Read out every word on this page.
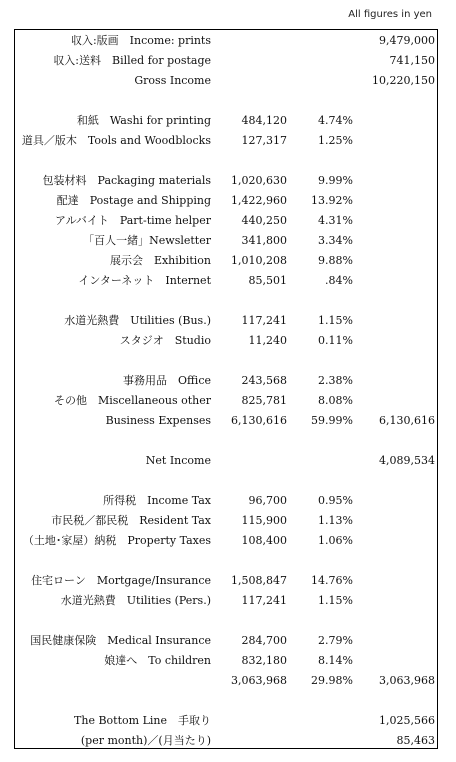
All figures in yen
収入:版画　Income: prints	9,479,000
収入:送料　Billed for postage	741,150
Gross Income	10,220,150
和紙　Washi for printing	484,120	4.74%
道具／版木　Tools and Woodblocks	127,317	1.25%
包装材料　Packaging materials 1,020,630	9.99%
配達　Postage and Shipping 1,422,960 13.92%
アルバイト　Part-time helper	440,250	4.31%
「百人一緒」Newsletter	341,800	3.34%
展示会　Exhibition 1,010,208	9.88%
インターネット　Internet	85,501	.84%
水道光熱費　Utilities (Bus.)	117,241	1.15%
スタジオ　Studio	11,240	0.11%
事務用品　Office	243,568	2.38%
その他　Miscellaneous other	825,781	8.08%
Business Expenses 6,130,616 59.99% 6,130,616
Net Income	4,089,534
所得税　Income Tax	96,700	0.95%
市民税／都民税　Resident Tax	115,900	1.13%
（土地･家屋）納税　Property Taxes	108,400	1.06%
住宅ローン　Mortgage/Insurance 1,508,847 14.76%
水道光熱費　Utilities (Pers.)	117,241	1.15%
国民健康保険　Medical Insurance	284,700	2.79%
娘達へ　To children	832,180	8.14%
3,063,968 29.98% 3,063,968
The Bottom Line　手取り	1,025,566
(per month)／(月当たり)	85,463
